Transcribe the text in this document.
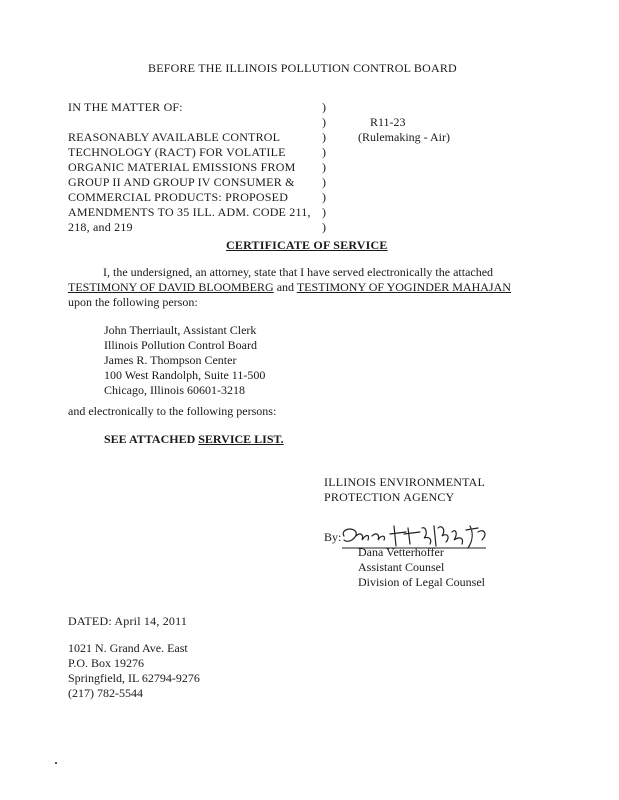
BEFORE THE ILLINOIS POLLUTION CONTROL BOARD
IN THE MATTER OF:
REASONABLY AVAILABLE CONTROL
TECHNOLOGY (RACT) FOR VOLATILE
ORGANIC MATERIAL EMISSIONS FROM
GROUP II AND GROUP IV CONSUMER &
COMMERCIAL PRODUCTS: PROPOSED
AMENDMENTS TO 35 ILL. ADM. CODE 211,
218, and 219
)
)
)
)
)
)
)
)
)
R11-23
(Rulemaking - Air)
CERTIFICATE OF SERVICE
I, the undersigned, an attorney, state that I have served electronically the attached
TESTIMONY OF DAVID BLOOMBERG and TESTIMONY OF YOGINDER MAHAJAN
upon the following person:
John Therriault, Assistant Clerk
Illinois Pollution Control Board
James R. Thompson Center
100 West Randolph, Suite 11-500
Chicago, Illinois 60601-3218
and electronically to the following persons:
SEE ATTACHED SERVICE LIST.
ILLINOIS ENVIRONMENTAL
PROTECTION AGENCY
By:
Dana Vetterhoffer
Assistant Counsel
Division of Legal Counsel
DATED: April 14, 2011
1021 N. Grand Ave. East
P.O. Box 19276
Springfield, IL 62794-9276
(217) 782-5544
